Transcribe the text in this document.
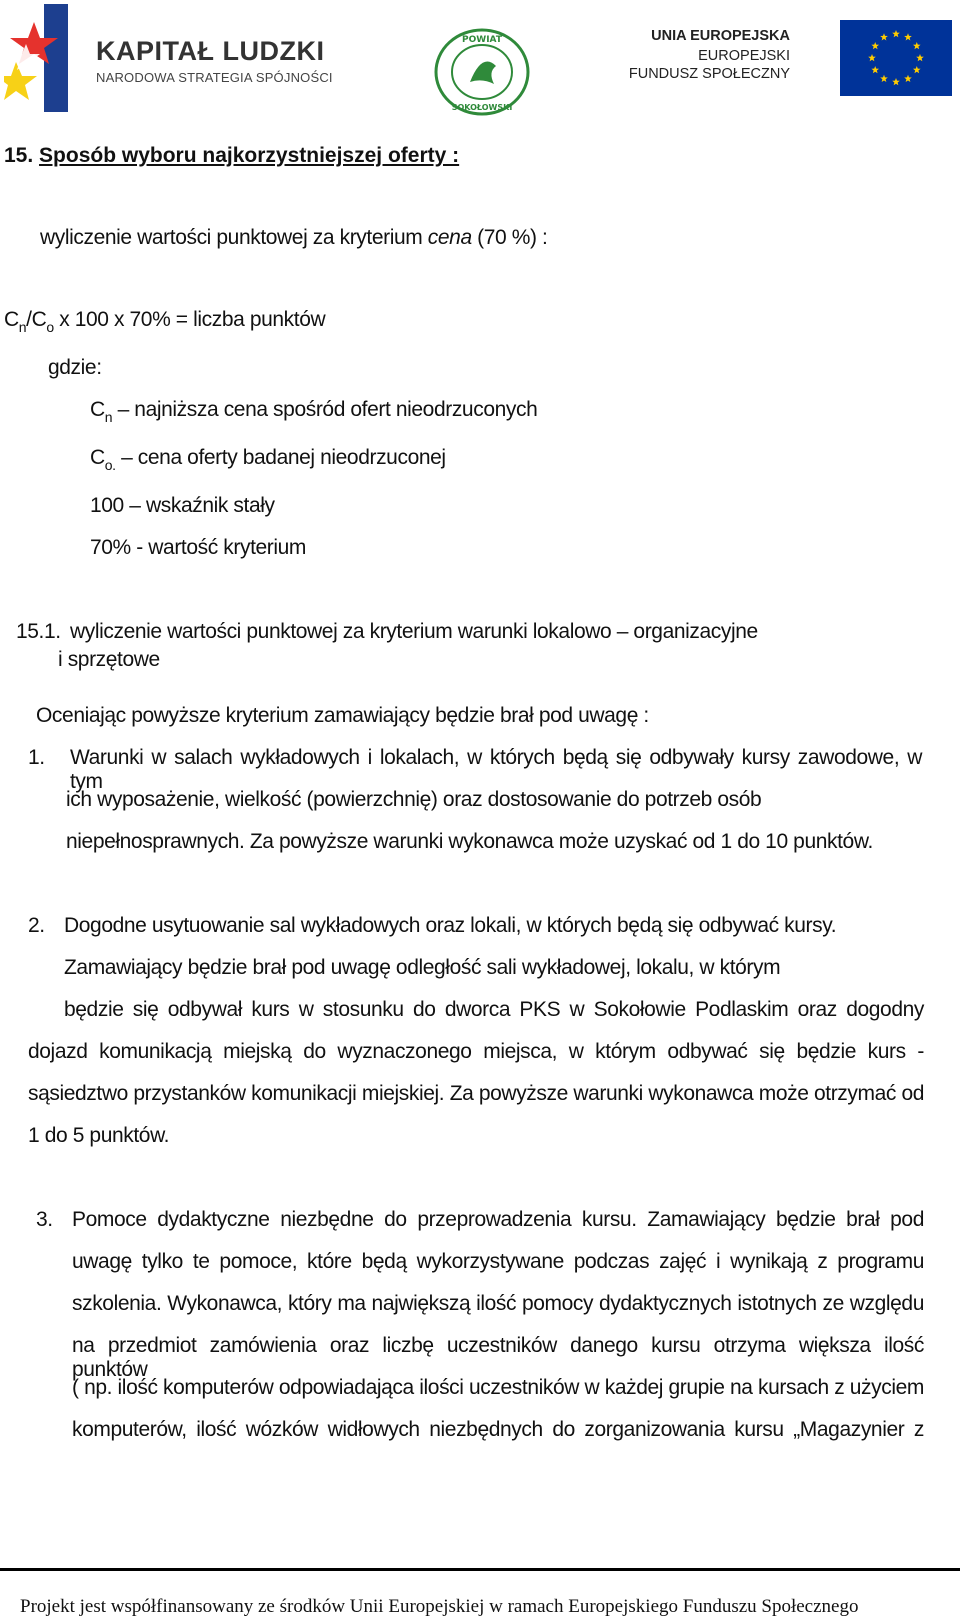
KAPITAŁ LUDZKI
NARODOWA STRATEGIA SPÓJNOŚCI
POWIAT
SOKOŁOWSKI
UNIA EUROPEJSKA
EUROPEJSKI
FUNDUSZ SPOŁECZNY
15. Sposób wyboru najkorzystniejszej oferty :
wyliczenie wartości punktowej za kryterium cena (70 %) :
$C_n/C_o$ x 100 x 70% = liczba punktów
gdzie:
$C_n$ – najniższa cena spośród ofert nieodrzuconych
$C_{o.}$ – cena oferty badanej nieodrzuconej
100 – wskaźnik stały
70% - wartość kryterium
15.1. wyliczenie wartości punktowej za kryterium warunki lokalowo – organizacyjne
i sprzętowe
Oceniając powyższe kryterium zamawiający będzie brał pod uwagę :
1. Warunki w salach wykładowych i lokalach, w których będą się odbywały kursy zawodowe, w tym
ich wyposażenie, wielkość (powierzchnię) oraz dostosowanie do potrzeb osób
niepełnosprawnych. Za powyższe warunki wykonawca może uzyskać od 1 do 10 punktów.
2. Dogodne usytuowanie sal wykładowych oraz lokali, w których będą się odbywać kursy.
Zamawiający będzie brał pod uwagę odległość sali wykładowej, lokalu, w którym
będzie się odbywał kurs w stosunku do dworca PKS w Sokołowie Podlaskim oraz dogodny
dojazd komunikacją miejską do wyznaczonego miejsca, w którym odbywać się będzie kurs -
sąsiedztwo przystanków komunikacji miejskiej. Za powyższe warunki wykonawca może otrzymać od
1 do 5 punktów.
3. Pomoce dydaktyczne niezbędne do przeprowadzenia kursu. Zamawiający będzie brał pod
uwagę tylko te pomoce, które będą wykorzystywane podczas zajęć i wynikają z programu
szkolenia. Wykonawca, który ma największą ilość pomocy dydaktycznych istotnych ze względu
na przedmiot zamówienia oraz liczbę uczestników danego kursu otrzyma większa ilość punktów
( np. ilość komputerów odpowiadająca ilości uczestników w każdej grupie na kursach z użyciem
komputerów, ilość wózków widłowych niezbędnych do zorganizowania kursu „Magazynier z
Projekt jest współfinansowany ze środków Unii Europejskiej w ramach Europejskiego Funduszu Społecznego
